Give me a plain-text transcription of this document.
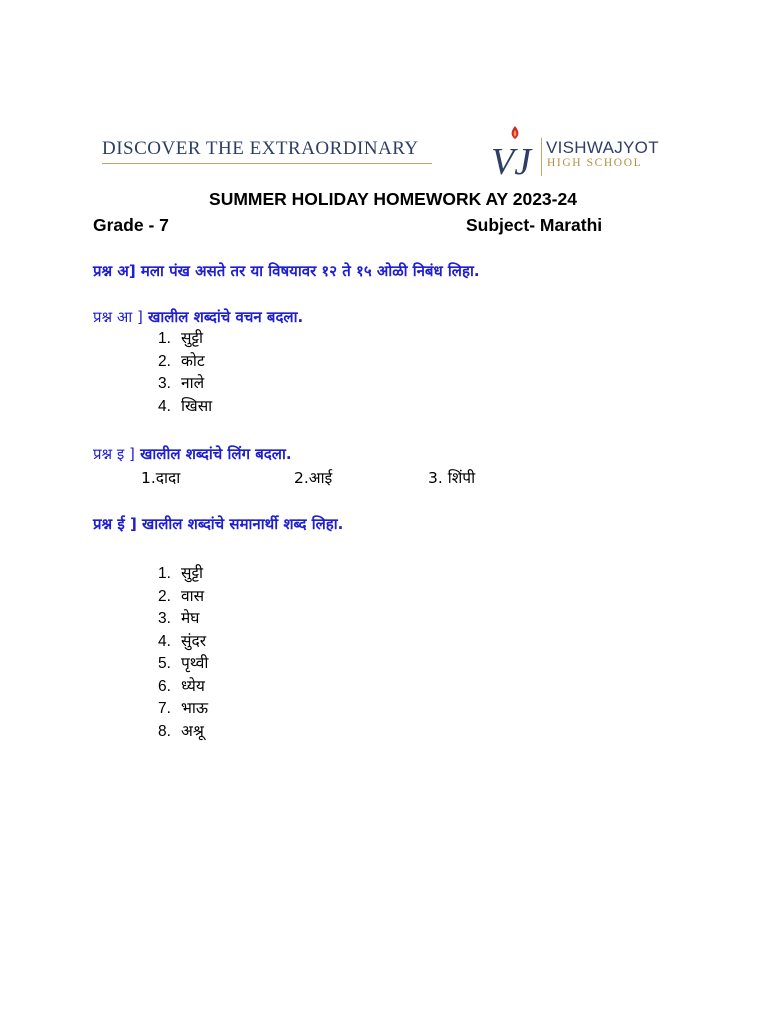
DISCOVER THE EXTRAORDINARY VJ VISHWAJYOT
HIGH SCHOOL
SUMMER HOLIDAY HOMEWORK AY 2023-24
Grade - 7	Subject- Marathi
प्रश्न अ] मला पंख असते तर या विषयावर १२ ते १५ ओळी निबंध लिहा.
प्रश्न आ ] खालील शब्दांचे वचन बदला.
1. सुट्टी
2. कोट
3. नाले
4. खिसा
प्रश्न इ ] खालील शब्दांचे लिंग बदला.
1.दादा	2.आई	3. शिंपी
प्रश्न ई ] खालील शब्दांचे समानार्थी शब्द लिहा.
1. सुट्टी
2. वास
3. मेघ
4. सुंदर
5. पृथ्वी
6. ध्येय
7. भाऊ
8. अश्रू
